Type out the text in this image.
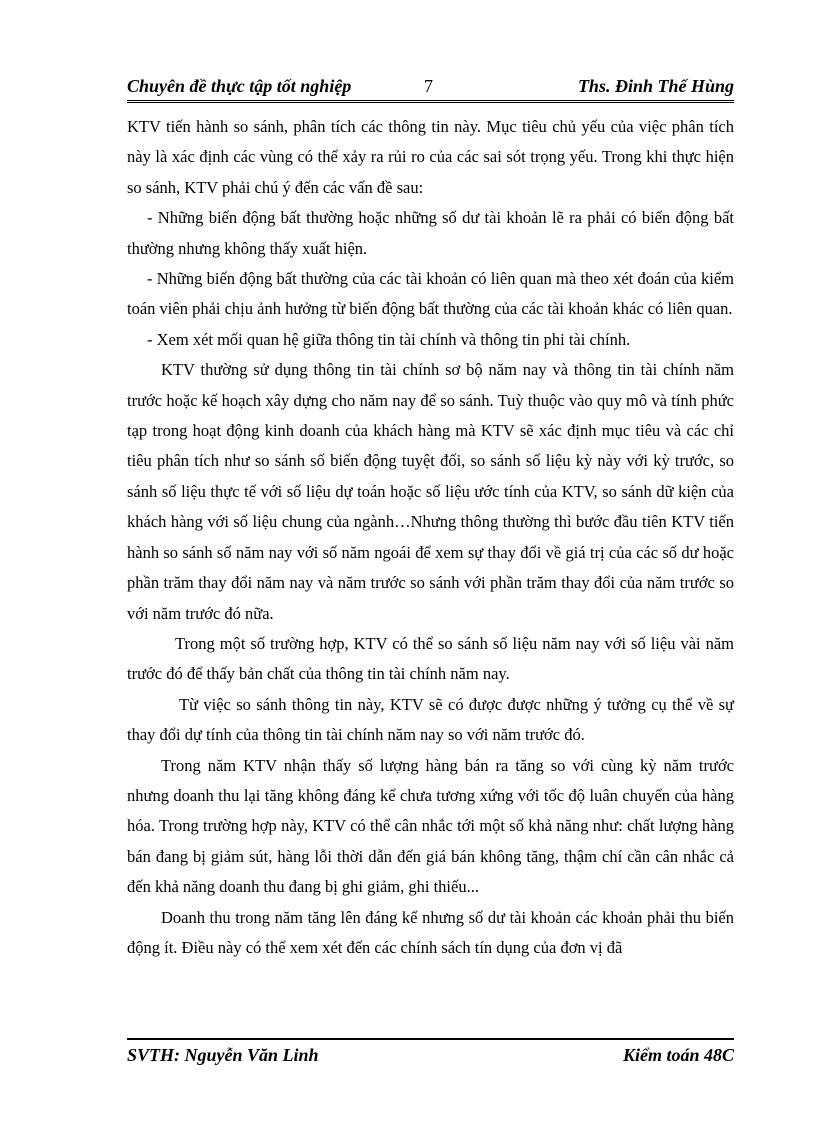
Chuyên đề thực tập tốt nghiệp	7	Ths. Đinh Thế Hùng

KTV tiến hành so sánh, phân tích các thông tin này. Mục tiêu chủ yếu của việc phân tích này là xác định các vùng có thể xảy ra rủi ro của các sai sót trọng yếu. Trong khi thực hiện so sánh, KTV phải chú ý đến các vấn đề sau:

- Những biến động bất thường hoặc những số dư tài khoản lẽ ra phải có biến động bất thường nhưng không thấy xuất hiện.

- Những biến động bất thường của các tài khoản có liên quan mà theo xét đoán của kiểm toán viên phải chịu ảnh hưởng từ biến động bất thường của các tài khoản khác có liên quan.

- Xem xét mối quan hệ giữa thông tin tài chính và thông tin phi tài chính.

KTV thường sử dụng thông tin tài chính sơ bộ năm nay và thông tin tài chính năm trước hoặc kế hoạch xây dựng cho năm nay để so sánh. Tuỳ thuộc vào quy mô và tính phức tạp trong hoạt động kinh doanh của khách hàng mà KTV sẽ xác định mục tiêu và các chỉ tiêu phân tích như so sánh số biến động tuyệt đối, so sánh số liệu kỳ này với kỳ trước, so sánh số liệu thực tế với số liệu dự toán hoặc số liệu ước tính của KTV, so sánh dữ kiện của khách hàng với số liệu chung của ngành…Nhưng thông thường thì bước đầu tiên KTV tiến hành so sánh số năm nay với số năm ngoái để xem sự thay đổi về giá trị của các số dư hoặc phần trăm thay đổi năm nay và năm trước so sánh với phần trăm thay đổi của năm trước so với năm trước đó nữa.

Trong một số trường hợp, KTV có thể so sánh số liệu năm nay với số liệu vài năm trước đó để thấy bản chất của thông tin tài chính năm nay.

Từ việc so sánh thông tin này, KTV sẽ có được được những ý tưởng cụ thể về sự thay đổi dự tính của thông tin tài chính năm nay so với năm trước đó.

Trong năm KTV nhận thấy số lượng hàng bán ra tăng so với cùng kỳ năm trước nhưng doanh thu lại tăng không đáng kể chưa tương xứng với tốc độ luân chuyển của hàng hóa. Trong trường hợp này, KTV có thể cân nhắc tới một số khả năng như: chất lượng hàng bán đang bị giảm sút, hàng lỗi thời dẫn đến giá bán không tăng, thậm chí cần cân nhắc cả đến khả năng doanh thu đang bị ghi giảm, ghi thiếu...

Doanh thu trong năm tăng lên đáng kể nhưng số dư tài khoản các khoản phải thu biến động ít. Điều này có thể xem xét đến các chính sách tín dụng của đơn vị đã

SVTH: Nguyễn Văn Linh	Kiểm toán 48C
